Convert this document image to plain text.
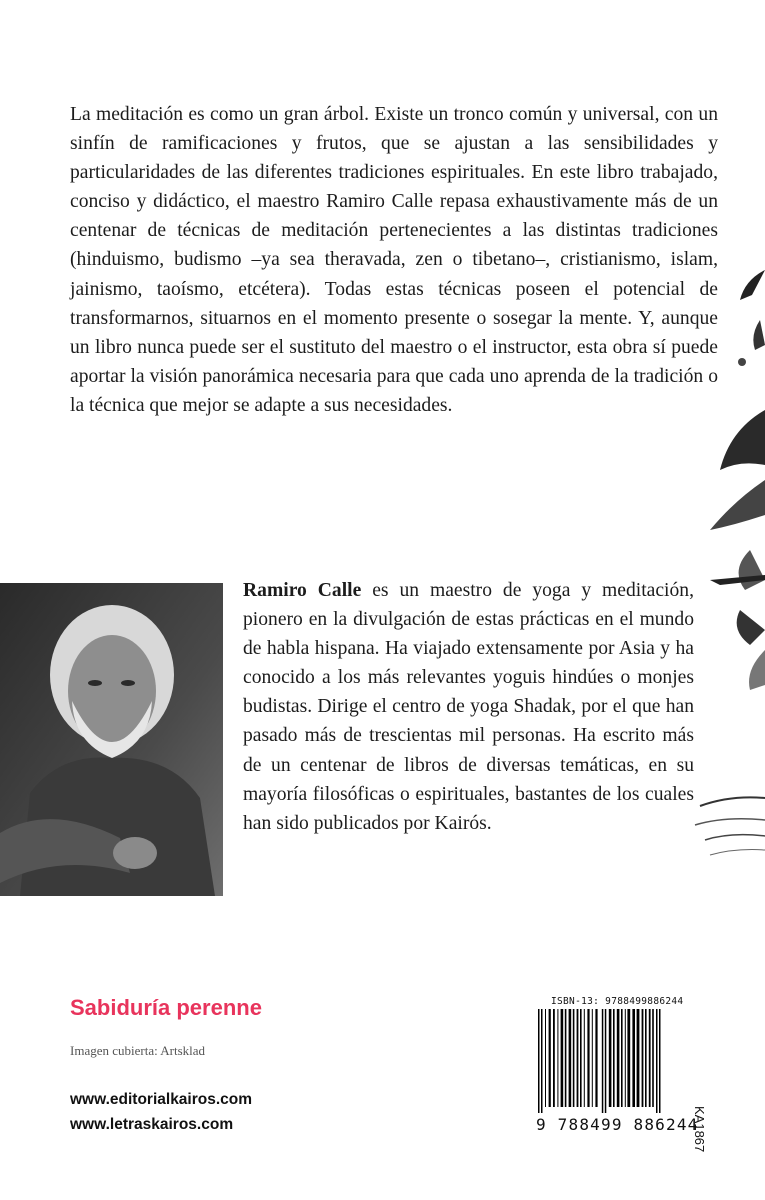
La meditación es como un gran árbol. Existe un tronco común y universal, con un sinfín de ramificaciones y frutos, que se ajustan a las sensibilidades y particularidades de las diferentes tradiciones espirituales. En este libro trabajado, conciso y didáctico, el maestro Ramiro Calle repasa exhaustivamente más de un centenar de técnicas de meditación pertenecientes a las distintas tradiciones (hinduismo, budismo –ya sea theravada, zen o tibetano–, cristianismo, islam, jainismo, taoísmo, etcétera). Todas estas técnicas poseen el potencial de transformarnos, situarnos en el momento presente o sosegar la mente. Y, aunque un libro nunca puede ser el sustituto del maestro o el instructor, esta obra sí puede aportar la visión panorámica necesaria para que cada uno aprenda de la tradición o la técnica que mejor se adapte a sus necesidades.

Ramiro Calle es un maestro de yoga y meditación, pionero en la divulgación de estas prácticas en el mundo de habla hispana. Ha viajado extensamente por Asia y ha conocido a los más relevantes yoguis hindúes o monjes budistas. Dirige el centro de yoga Shadak, por el que han pasado más de trescientas mil personas. Ha escrito más de un centenar de libros de diversas temáticas, en su mayoría filosóficas o espirituales, bastantes de los cuales han sido publicados por Kairós.

Sabiduría perenne

Imagen cubierta: Artsklad

www.editorialkairos.com

www.letraskairos.com

ISBN-13: 9788499886244

9 788499 886244

KA1867
